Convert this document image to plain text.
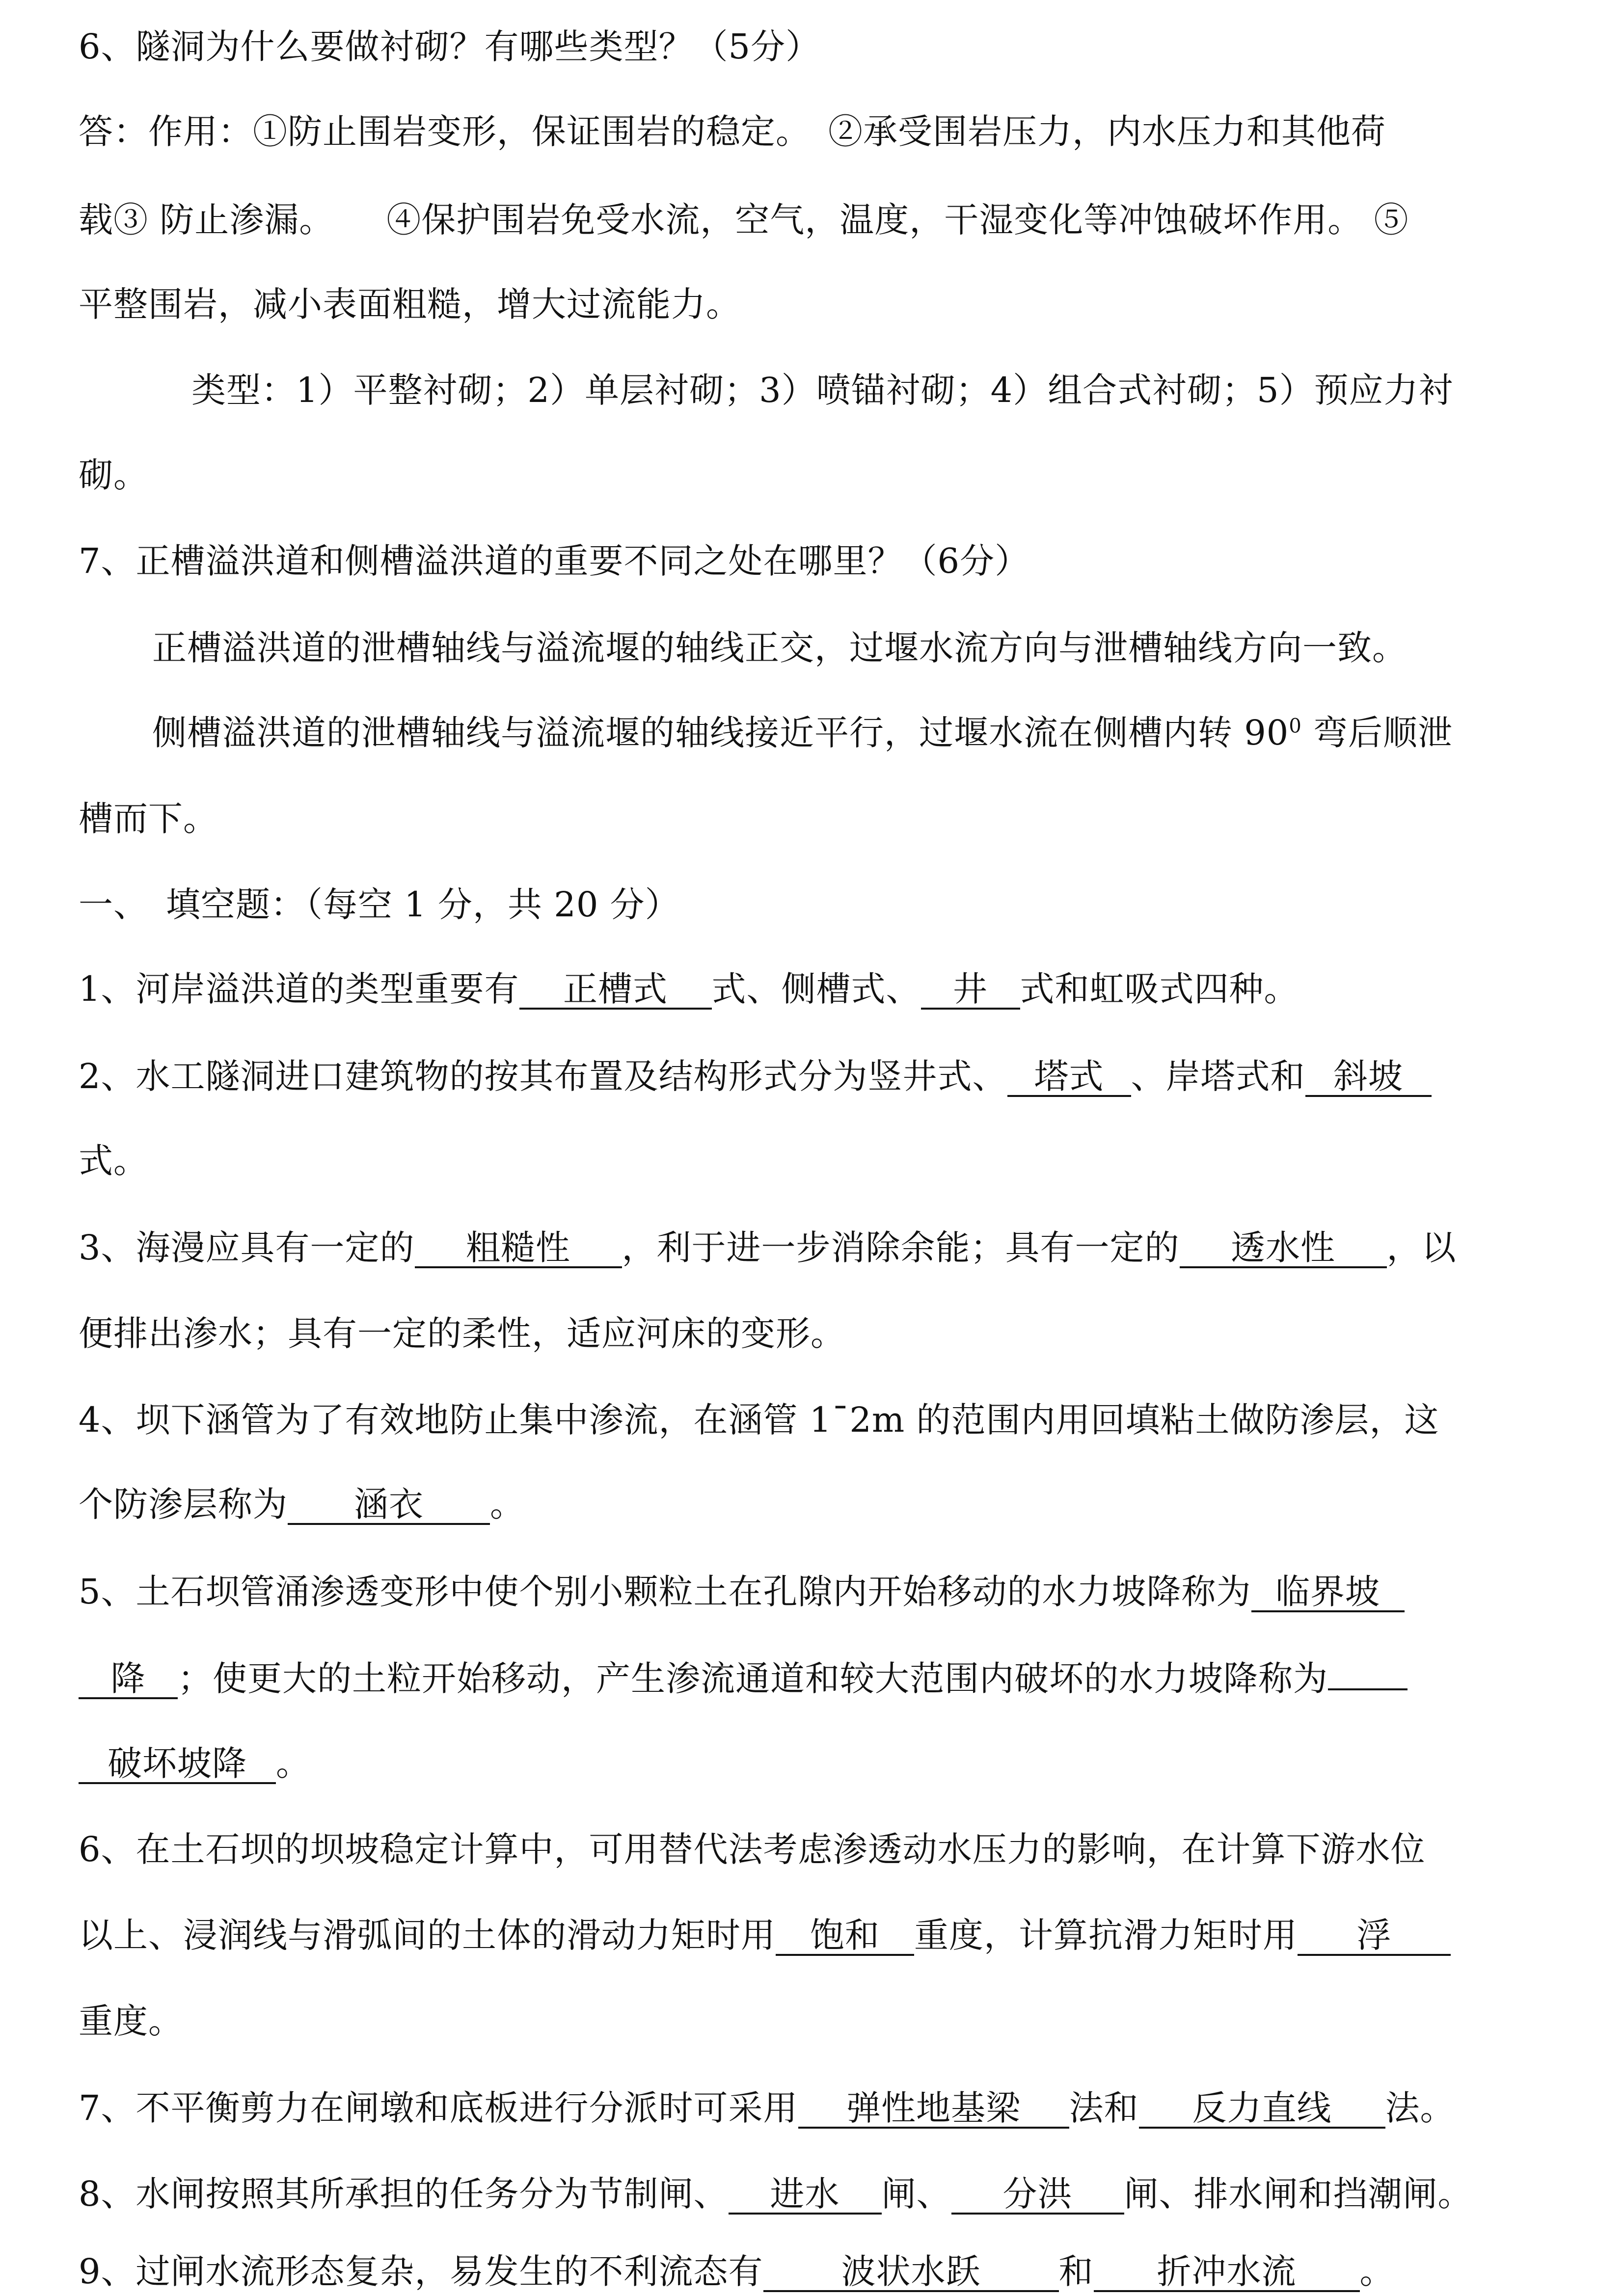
6、隧洞为什么要做衬砌？有哪些类型？（5分）
答：作用：①防止围岩变形，保证围岩的稳定。　②承受围岩压力，内水压力和其他荷
载③ 防止渗漏。　　④保护围岩免受水流，空气，温度，干湿变化等冲蚀破坏作用。 ⑤
平整围岩，减小表面粗糙，增大过流能力。
类型：1）平整衬砌；2）单层衬砌；3）喷锚衬砌；4）组合式衬砌；5）预应力衬
砌。
7、正槽溢洪道和侧槽溢洪道的重要不同之处在哪里？（6分）
正槽溢洪道的泄槽轴线与溢流堰的轴线正交，过堰水流方向与泄槽轴线方向一致。
侧槽溢洪道的泄槽轴线与溢流堰的轴线接近平行，过堰水流在侧槽内转 $90^0$ 弯后顺泄
槽而下。
一、　填空题：（每空 1 分，共 20 分）
1、河岸溢洪道的类型重要有 正槽式 式、侧槽式、 井 式和虹吸式四种。
2、水工隧洞进口建筑物的按其布置及结构形式分为竖井式、 塔式 、岸塔式和 斜坡
式。
3、海漫应具有一定的 粗糙性 ，利于进一步消除余能；具有一定的 透水性 ，以
便排出渗水；具有一定的柔性，适应河床的变形。
4、坝下涵管为了有效地防止集中渗流，在涵管 1¯2m 的范围内用回填粘土做防渗层，这
个防渗层称为 涵衣 。
5、土石坝管涌渗透变形中使个别小颗粒土在孔隙内开始移动的水力坡降称为 临界坡
降 ；使更大的土粒开始移动，产生渗流通道和较大范围内破坏的水力坡降称为
破坏坡降 。
6、在土石坝的坝坡稳定计算中，可用替代法考虑渗透动水压力的影响，在计算下游水位
以上、浸润线与滑弧间的土体的滑动力矩时用 饱和 重度，计算抗滑力矩时用 浮
重度。
7、不平衡剪力在闸墩和底板进行分派时可采用 弹性地基梁 法和 反力直线 法。
8、水闸按照其所承担的任务分为节制闸、 进水 闸、 分洪 闸、排水闸和挡潮闸。
9、过闸水流形态复杂，易发生的不利流态有 波状水跃 和 折冲水流 。
